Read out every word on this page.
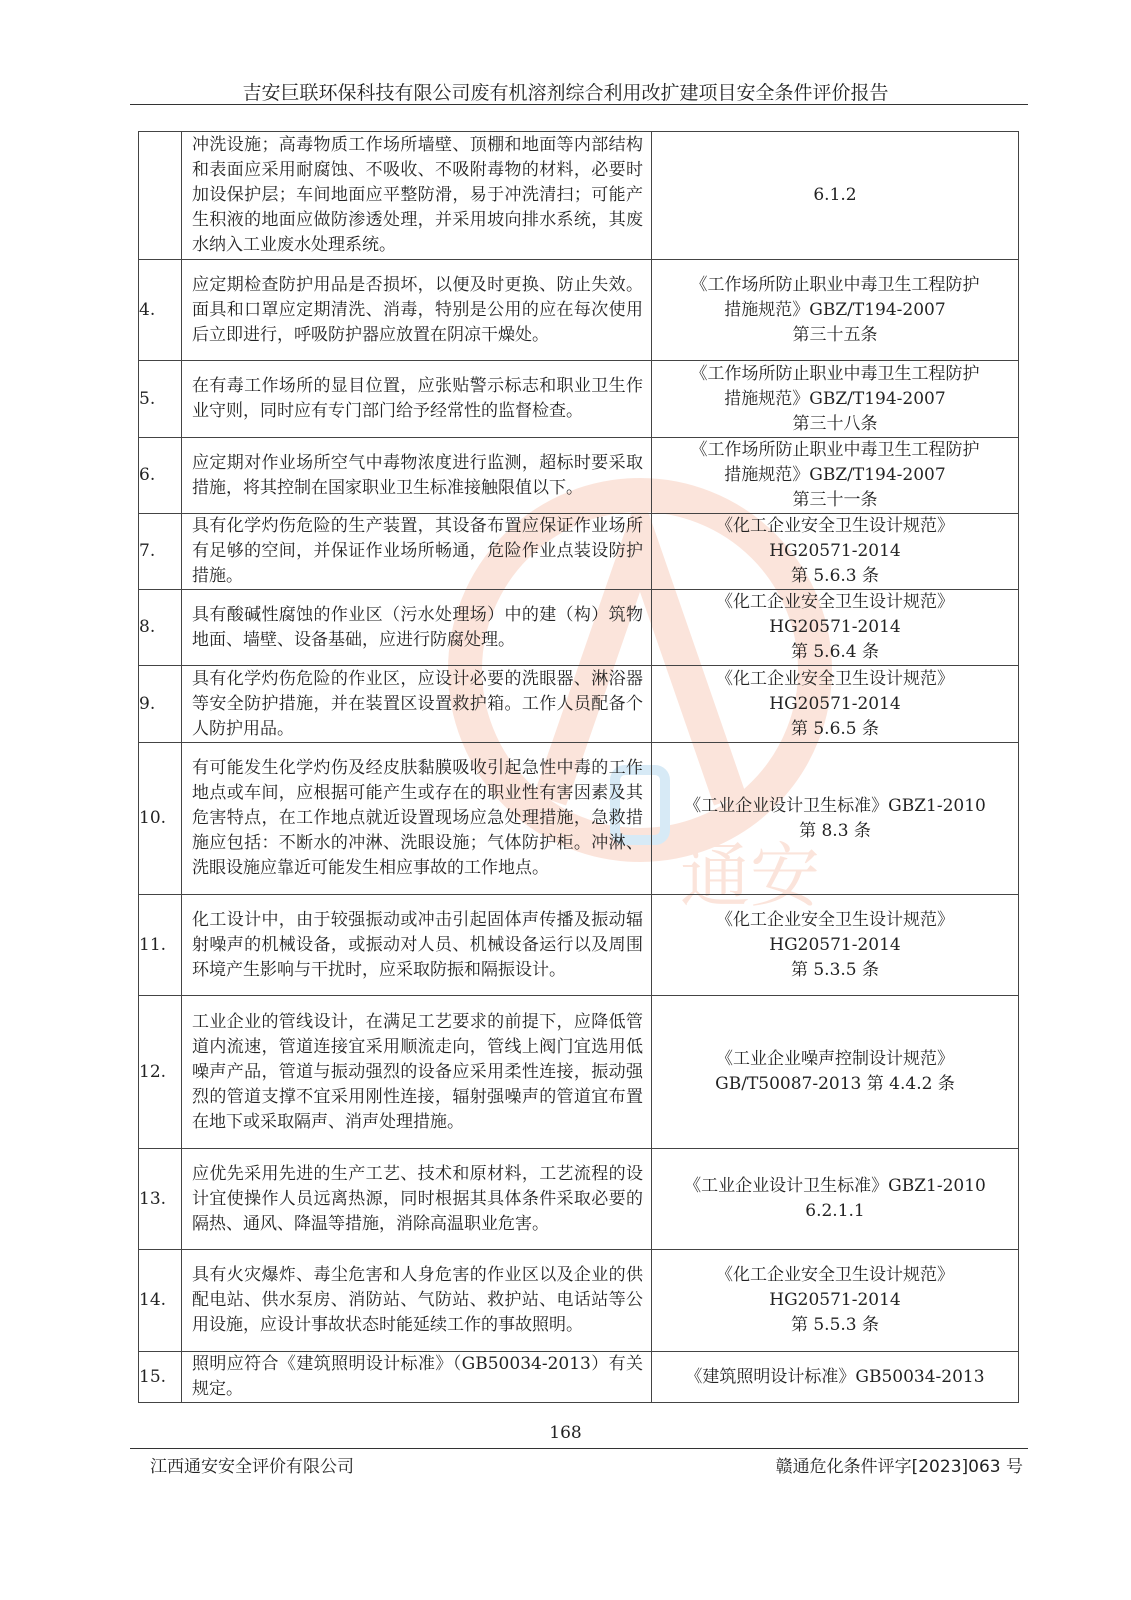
吉安巨联环保科技有限公司废有机溶剂综合利用改扩建项目安全条件评价报告
通安
	冲洗设施；高毒物质工作场所墙壁、顶棚和地面等内部结构和表面应采用耐腐蚀、不吸收、不吸附毒物的材料，必要时加设保护层；车间地面应平整防滑，易于冲洗清扫；可能产生积液的地面应做防渗透处理，并采用坡向排水系统，其废水纳入工业废水处理系统。	6.1.2

4.	应定期检查防护用品是否损坏，以便及时更换、防止失效。面具和口罩应定期清洗、消毒，特别是公用的应在每次使用后立即进行，呼吸防护器应放置在阴凉干燥处。	《工作场所防止职业中毒卫生工程防护
措施规范》GBZ/T194-2007
第三十五条

5.	在有毒工作场所的显目位置，应张贴警示标志和职业卫生作业守则，同时应有专门部门给予经常性的监督检查。	《工作场所防止职业中毒卫生工程防护
措施规范》GBZ/T194-2007
第三十八条

6.	应定期对作业场所空气中毒物浓度进行监测，超标时要采取措施，将其控制在国家职业卫生标准接触限值以下。	《工作场所防止职业中毒卫生工程防护
措施规范》GBZ/T194-2007
第三十一条

7.	具有化学灼伤危险的生产装置，其设备布置应保证作业场所有足够的空间，并保证作业场所畅通，危险作业点装设防护措施。	《化工企业安全卫生设计规范》
HG20571-2014
第 5.6.3 条

8.	具有酸碱性腐蚀的作业区（污水处理场）中的建（构）筑物地面、墙壁、设备基础，应进行防腐处理。	《化工企业安全卫生设计规范》
HG20571-2014
第 5.6.4 条

9.	具有化学灼伤危险的作业区，应设计必要的洗眼器、淋浴器等安全防护措施，并在装置区设置救护箱。工作人员配备个人防护用品。	《化工企业安全卫生设计规范》
HG20571-2014
第 5.6.5 条

10.	有可能发生化学灼伤及经皮肤黏膜吸收引起急性中毒的工作地点或车间，应根据可能产生或存在的职业性有害因素及其危害特点，在工作地点就近设置现场应急处理措施，急救措施应包括：不断水的冲淋、洗眼设施；气体防护柜。冲淋、洗眼设施应靠近可能发生相应事故的工作地点。	《工业企业设计卫生标准》GBZ1-2010
第 8.3 条

11.	化工设计中，由于较强振动或冲击引起固体声传播及振动辐射噪声的机械设备，或振动对人员、机械设备运行以及周围环境产生影响与干扰时，应采取防振和隔振设计。	《化工企业安全卫生设计规范》
HG20571-2014
第 5.3.5 条

12.	工业企业的管线设计，在满足工艺要求的前提下，应降低管道内流速，管道连接宜采用顺流走向，管线上阀门宜选用低噪声产品，管道与振动强烈的设备应采用柔性连接，振动强烈的管道支撑不宜采用刚性连接，辐射强噪声的管道宜布置在地下或采取隔声、消声处理措施。	《工业企业噪声控制设计规范》
GB/T50087-2013 第 4.4.2 条

13.	应优先采用先进的生产工艺、技术和原材料，工艺流程的设计宜使操作人员远离热源，同时根据其具体条件采取必要的隔热、通风、降温等措施，消除高温职业危害。	《工业企业设计卫生标准》GBZ1-2010
6.2.1.1

14.	具有火灾爆炸、毒尘危害和人身危害的作业区以及企业的供配电站、供水泵房、消防站、气防站、救护站、电话站等公用设施，应设计事故状态时能延续工作的事故照明。	《化工企业安全卫生设计规范》
HG20571-2014
第 5.5.3 条

15.	照明应符合《建筑照明设计标准》（GB50034-2013）有关规定。	《建筑照明设计标准》GB50034-2013
168
江西通安安全评价有限公司	赣通危化条件评字[2023]063 号
